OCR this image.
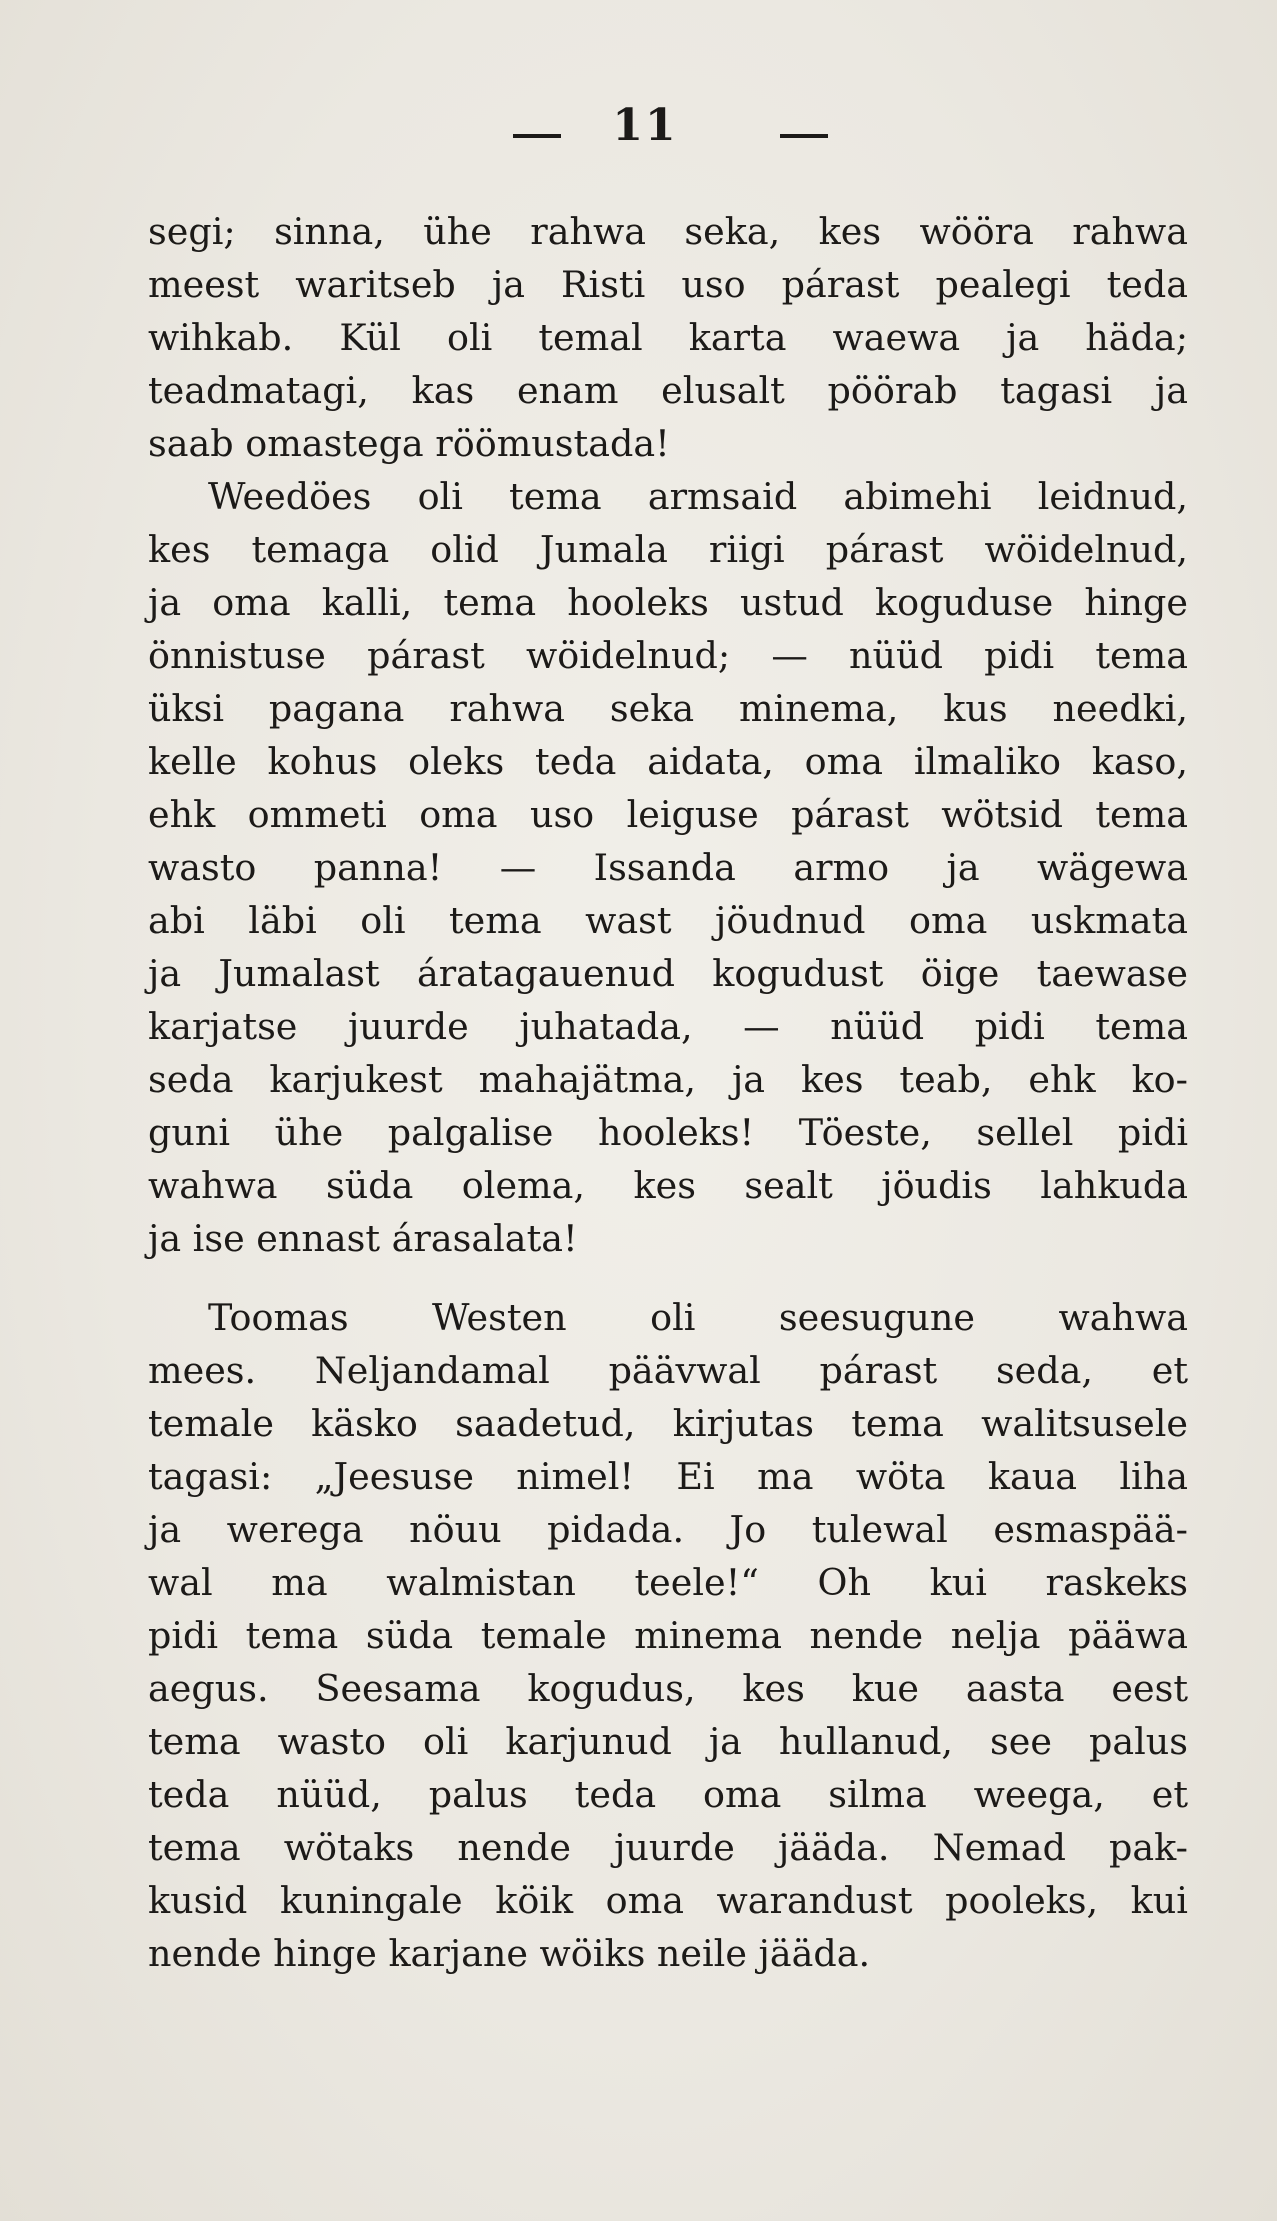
11
segi; sinna, ühe rahwa seka, kes wööra rahwa
meest waritseb ja Risti uso párast pealegi teda
wihkab. Kül oli temal karta waewa ja häda;
teadmatagi, kas enam elusalt pöörab tagasi ja
saab omastega röömustada!
Weedöes oli tema armsaid abimehi leidnud,
kes temaga olid Jumala riigi párast wöidelnud,
ja oma kalli, tema hooleks ustud koguduse hinge
önnistuse párast wöidelnud; — nüüd pidi tema
üksi pagana rahwa seka minema, kus needki,
kelle kohus oleks teda aidata, oma ilmaliko kaso,
ehk ommeti oma uso leiguse párast wötsid tema
wasto panna! — Issanda armo ja wägewa
abi läbi oli tema wast jöudnud oma uskmata
ja Jumalast áratagauenud kogudust öige taewase
karjatse juurde juhatada, — nüüd pidi tema
seda karjukest mahajätma, ja kes teab, ehk ko-
guni ühe palgalise hooleks! Töeste, sellel pidi
wahwa süda olema, kes sealt jöudis lahkuda
ja ise ennast árasalata!
Toomas Westen oli seesugune wahwa
mees. Neljandamal päävwal párast seda, et
temale käsko saadetud, kirjutas tema walitsusele
tagasi: „Jeesuse nimel! Ei ma wöta kaua liha
ja werega nöuu pidada. Jo tulewal esmaspää-
wal ma walmistan teele!“ Oh kui raskeks
pidi tema süda temale minema nende nelja pääwa
aegus. Seesama kogudus, kes kue aasta eest
tema wasto oli karjunud ja hullanud, see palus
teda nüüd, palus teda oma silma weega, et
tema wötaks nende juurde jääda. Nemad pak-
kusid kuningale köik oma warandust pooleks, kui
nende hinge karjane wöiks neile jääda.
